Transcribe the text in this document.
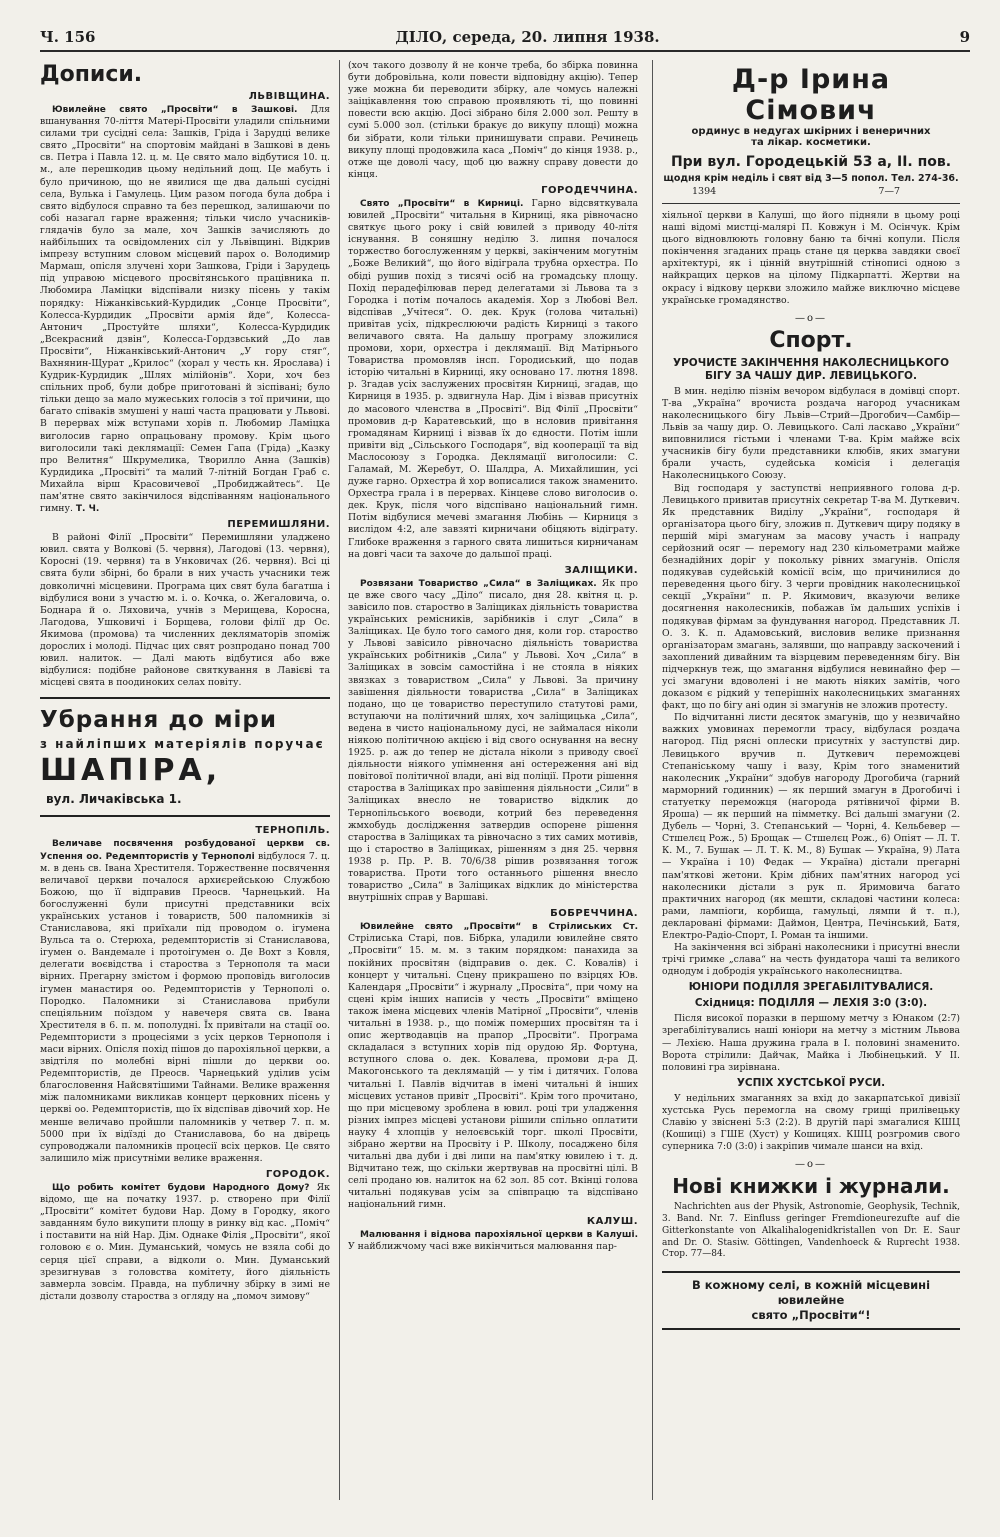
Ч. 156	ДІЛО, середа, 20. липня 1938.	9
Дописи.
ЛЬВІВЩИНА.

Ювилейне свято „Просвіти“ в Зашкові. Для вшанування 70-ліття Матері-Просвіти уладили спільними силами три сусідні села: Зашків, Гріда і Зарудці велике свято „Просвіти“ на спортовім майдані в Зашкові в день св. Петра і Павла 12. ц. м. Це свято мало відбутися 10. ц. м., але перешкодив цьому недільний дощ. Це мабуть і було причиною, що не явилися ще два дальші сусідні села, Вулька і Гамулець. Цим разом погода була добра і свято відбулося справно та без перешкод, залишаючи по собі назагал гарне враження; тільки число учасників-глядачів було за мале, хоч Зашків зачисляють до найбільших та освідомлених сіл у Львівщині. Відкрив імпрезу вступним словом місцевий парох о. Володимир Мармаш, опісля злучені хори Зашкова, Гріди і Зарудець під управою місцевого просвітянського працівника п. Любомира Ламіцки відспівали низку пісень у такім порядку: Ніжанківський-Курдидик „Сонце Просвіти“, Колесса-Курдидик „Просвіти армія йде“, Колесса-Антонич „Простуйте шляхи“, Колесса-Курдидик „Всекрасний дзвін“, Колесса-Гордзвський „До лав Просвіти“, Ніжанківський-Антонич „У гору стяг“, Вахнянин-Щурат „Крилос“ (хорал у честь кн. Ярослава) і Кудрик-Курдидик „Шлях мілійонів“. Хори, хоч без спільних проб, були добре приготовані й зіспівані; було тільки дещо за мало мужеських голосів з тої причини, що багато співаків змушені у наші часта працювати у Львові. В перервах між вступами хорів п. Любомир Ламіцка виголосив гарно опрацьовану промову. Крім цього виголосили такі деклямації: Семен Гапа (Гріда) „Казку про Велитня“ Шкрумелика, Творилло Анна (Зашків) Курдидика „Просвіті“ та малий 7-літній Богдан Граб с. Михайла вірш Красовичевої „Пробиджайтесь“. Це пам'ятне свято закінчилося відспіванням національного гимну. Т. Ч.

ПЕРЕМИШЛЯНИ.

В районі Філії „Просвіти“ Перемишляни уладжено ювил. свята у Волкові (5. червня), Лагодові (13. червня), Коросні (19. червня) та в Унковичах (26. червня). Всі ці свята були збірні, бо брали в них участь учасники теж довколичні місцевини. Програма цих свят була багатша і відбулися вони з участю м. і. о. Кочка, о. Жегаловича, о. Боднара й о. Ляховича, учнів з Мерищева, Коросна, Лагодова, Ушковичі і Борщева, голови філії др Ос. Якимова (промова) та численних декляматорів зпоміж дорослих і молоді. Підчас цих свят розпродано понад 700 ювил. налиток. — Далі мають відбутися або вже відбулися: подібне районове святкування в Лавієві та місцеві свята в поодиноких селах повіту.

Убрання до міри
з найліпших матеріялів поручає
ШАПІРА, вул. Личаківська 1.
ТЕРНОПІЛЬ.

Величаве посвячення розбудованої церкви св. Успення оо. Редемптористів у Тернополі відбулося 7. ц. м. в день св. Івана Хрестителя. Торжественне посвячення величавої церкви почалося архиєрейською Службою Божою, що її відправив Преосв. Чарнецький. На богослуженні були присутні представники всіх українських установ і товариств, 500 паломників зі Станиславова, які приїхали під проводом о. ігумена Вульса та о. Стерюха, редемптористів зі Станиславова, ігумен о. Вандемале і протоігумен о. Де Вохт з Ковля, делегати воєвідства і староства з Тернополя та маси вірних. Прегарну змістом і формою проповідь виголосив ігумен манастиря оо. Редемптористів у Тернополі о. Породко. Паломники зі Станиславова прибули спеціяльним поїздом у навечеря свята св. Івана Хрестителя в 6. п. м. пополудні. Їх привітали на стації оо. Редемптористи з процесіями з усіх церков Тернополя і маси вірних. Опісля похід пішов до парохіяльної церкви, а звідтіля по молебні вірні пішли до церкви оо. Редемптористів, де Преосв. Чарнецький уділив усім благословення Найсвятішими Тайнами. Велике враження між паломниками викликав концерт церковних пісень у церкві оо. Редемптористів, що їх відспівав дівочий хор. Не менше величаво пройшли паломників у четвер 7. п. м. 5000 при їх відїзді до Станиславова, бо на двірець супроводжали паломників процесії всіх церков. Це свято залишило між присутніми велике враження.

ГОРОДОК.

Що робить комітет будови Народного Дому? Як відомо, ще на початку 1937. р. створено при Філії „Просвіти“ комітет будови Нар. Дому в Городку, якого завданням було викупити площу в ринку від кас. „Поміч“ і поставити на ній Нар. Дім. Однаке Філія „Просвіти“, якої головою є о. Мин. Думанський, чомусь не взяла собі до серця цієї справи, а відколи о. Мин. Думанський зрезигнував з головства комітету, його діяльність завмерла зовсім. Правда, на публичну збірку в зимі не дістали дозволу староства з огляду на „помоч зимову“

(хоч такого дозволу й не конче треба, бо збірка повинна бути добровільна, коли повести відповідну акцію). Тепер уже можна би переводити збірку, але чомусь належні заіцікавлення тою справою проявляють ті, що повинні повести всю акцію. Досі зібрано біля 2.000 зол. Решту в сумі 5.000 зол. (стільки бракує до викупу площі) можна би зібрати, коли тільки принишувати справи. Речинець викупу площі продовжила каса „Поміч“ до кінця 1938. р., отже ще доволі часу, щоб цю важну справу довести до кінця.

ГОРОДЕЧЧИНА.

Свято „Просвіти“ в Кирниці. Гарно відсвяткувала ювилей „Просвіти“ читальня в Кирниці, яка рівночасно святкує цього року і свій ювилей з приводу 40-літя існування. В соняшну неділю 3. липня почалося торжество богослуженням у церкві, закінченим могутнім „Боже Великий“, що його відіграла трубна орхестра. По обіді рушив похід з тисячі осіб на громадську площу. Похід перадефілював перед делегатами зі Львова та з Городка і потім почалось академія. Хор з Любові Вел. відспівав „Учітеся“. О. дек. Крук (голова читальні) привітав усіх, підкреслюючи радість Кирниці з такого величавого свята. На дальшу програму зложилися промови, хори, орхестра і деклямації. Від Матірнього Товариства промовляв інсп. Городиський, що подав історію читальні в Кирниці, яку основано 17. лютня 1898. р. Згадав усіх заслужених просвітян Кирниці, згадав, що Кирниця в 1935. р. здвигнула Нар. Дім і візвав присутніх до масового членства в „Просвіті“. Від Філії „Просвіти“ промовив д-р Каратевський, що в нсловив привітання громадянам Кирниці і візвав їх до єдности. Потім ішли привіти від „Сільського Господаря“, від кооперації та від Маслосоюзу з Городка. Деклямації виголосили: С. Галамай, М. Жеребут, О. Шалдра, А. Михайлишин, усі дуже гарно. Орхестра й хор вописалися також знаменито. Орхестра грала і в перервах. Кінцеве слово виголосив о. дек. Крук, після чого відспівано національний гимн. Потім відбулися мечеві змагання Любінь — Кирниця з вислідом 4:2, але завзяті кирничани обіцяють відіграту. Глибоке враження з гарного свята лишиться кирничанам на довгі часи та захоче до дальшої праці.

ЗАЛІЩИКИ.

Розвязани Товариство „Сила“ в Заліщиках. Як про це вже свого часу „Діло“ писало, дня 28. квітня ц. р. завісило пов. староство в Заліщиках діяльність товариства українських ремісників, зарібників і слуг „Сила“ в Заліщиках. Це було того самого дня, коли гор. староство у Львові завісило рівночасно діяльність товариства українських робітників „Сила“ у Львові. Хоч „Сила“ в Заліщиках в зовсім самостійна і не стояла в ніяких звязках з товариством „Сила“ у Львові. За причину завішення діяльности товариства „Сила“ в Заліщиках подано, що це товариство переступило статутові рами, вступаючи на політичний шлях, хоч заліщицька „Сила“, ведена в чисто національному дусі, не займалася ніколи ніякою політичною акцією і від свого оснування на весну 1925. р. аж до тепер не дістала ніколи з приводу своєї діяльности ніякого упімнення ані остереження ані від повітової політичної влади, ані від поліції. Проти рішення староства в Заліщиках про завішення діяльности „Сили“ в Заліщиках внесло не товариство відклик до Тернопільського воєводи, котрий без переведення жмхобудь дослідження затвердив оспорене рішення староства в Заліщиках та рівночасно з тих самих мотивів, що і староство в Заліщиках, рішенням з дня 25. червня 1938 р. Пр. Р. В. 70/6/38 рішив розвязання тогож товариства. Проти того останнього рішення внесло товариство „Сила“ в Заліщиках відклик до міністерства внутрішніх справ у Варшаві.

БОБРЕЧЧИНА.

Ювилейне свято „Просвіти“ в Стрілиських Ст. Стрілиська Старі, пов. Бібрка, уладили ювилейне свято „Просвіти“ 15. м. м. з таким порядком: панахида за покійних просвітян (відправив о. дек. С. Ковалів) і концерт у читальні. Сцену прикрашено по взірцях Юв. Календаря „Просвіти“ і журналу „Просвіта“, при чому на сцені крім інших написів у честь „Просвіти“ вміщено також імена місцевих членів Матірної „Просвіти“, членів читальні в 1938. р., що поміж померших просвітян та і опис жертводавців на прапор „Просвіти“. Програма складалася з вступних хорів під орудою Яр. Фортуна, вступного слова о. дек. Ковалева, промови д-ра Д. Макогонського та деклямацій — у тім і дитячих. Голова читальні І. Павлів відчитав в імені читальні й інших місцевих установ привіт „Просвіті“. Крім того прочитано, що при місцевому зроблена в ювил. році три уладження різних імпрез місцеві установи рішили спільно оплатити науку 4 хлопців у нелоєвській торг. школі Просвіти, зібрано жертви на Просвіту і Р. Школу, посаджено біля читальні два дуби і дві липи на пам'ятку ювилею і т. д. Відчитано теж, що скільки жертвував на просвітні цілі. В селі продано юв. налиток на 62 зол. 85 сот. Вкінці голова читальні подякував усім за співпрацю та відспівано національний гимн.

КАЛУШ.

Малювання і віднова парохіяльної церкви в Калуші. У найближчому часі вже викінчиться малювання пар-

Д-р Ірина Сімович
ординус в недугах шкірних і венеричних
та лікар. косметики.
При вул. Городецькій 53 а, II. пов.
щодня крім неділь і свят від 3—5 попол. Тел. 274-36.
1394	7—7

хіяльної церкви в Калуші, що його підняли в цьому році наші відомі мистці-малярі П. Ковжун і М. Осінчук. Крім цього відновлюють головну баню та бічні копули. Після покінчення згаданих праць стане ця церква завдяки своєї архітектурі, як і цінній внутрішній стінописі одною з найкращих церков на цілому Підкарпатті. Жертви на окрасу і відкову церкви зложило майже виключно місцеве українське громадянство.

—о—
Спорт.
УРОЧИСТЕ ЗАКІНЧЕННЯ НАКОЛЕСНИЦЬКОГО БІГУ ЗА ЧАШУ ДИР. ЛЕВИЦЬКОГО.

В мин. неділю пізнім вечором відбулася в домівці спорт. Т-ва „Україна“ врочиста роздача нагород учасникам наколесницького бігу Львів—Стрий—Дрогобич—Самбір—Львів за чашу дир. О. Левицького. Салі ласкаво „України“ виповнилися гістьми і членами Т-ва. Крім майже всіх учасників бігу були представники клюбів, яких змагуни брали участь, судейська комісія і делегація Наколесницького Союзу.

Від господаря у заступстві неприявного голова д-р. Левицького привитав присутніх секретар Т-ва М. Дуткевич. Як представник Виділу „України“, господаря й організатора цього бігу, зложив п. Дуткевич щиру подяку в першій мірі змагунам за масову участь і напраду серйозний осяг — перемогу над 230 кільометрами майже безнадійних доріг у покольку рівних змагунів. Опісля подякував судейській комісії всім, що причинилися до переведення цього бігу. З черги провідник наколесницької секції „України“ п. Р. Якимович, вказуючи велике досягнення наколесників, побажав їм дальших успіхів і подякував фірмам за фундування нагород. Представник Л. О. З. К. п. Адамовський, висловив велике признання організаторам змагань, залявши, що направду заскочений і захоплений дивайним та візрцевим переведенням бігу. Він підчеркнув теж, що змагання відбулися невинайно фер — усі змагуни вдоволені і не мають ніяких замітів, чого доказом є рідкий у теперішніх наколесницьких змаганнях факт, що по бігу ані один зі змагунів не зложив протесту.

По відчитанні листи десяток змагунів, що у незвичайно важких умовинах перемогли трасу, відбулася роздача нагород. Під рясні оплески присутніх у заступстві дир. Левицького вручив п. Дуткевич переможцеві Степаніському чашу і вазу, Крім того знаменитий наколесник „України“ здобув нагороду Дрогобича (гарний марморний годинник) — як перший змагун в Дрогобичі і статуетку переможця (нагорода рятівничої фірми В. Яроша) — як перший на пімметку. Всі дальші змагуни (2. Дубель — Чорні, 3. Степанський — Чорні, 4. Кельбевер — Стшелєц Рож., 5) Брощак — Стшелєц Рож., 6) Опіят — Л. Т. К. М., 7. Бушак — Л. Т. К. М., 8) Бушак — Україна, 9) Лата — Україна і 10) Федак — Україна) дістали прегарні пам'яткові жетони. Крім дібних пам'ятних нагород усі наколесники дістали з рук п. Яримовича багато практичних нагород (як мешти, складові частини колеса: рами, лампіоги, корбища, гамульці, лямпи й т. п.), декларовані фірмами: Даймон, Центра, Печінський, Батя, Електро-Радіо-Спорт, І. Роман та іншими.

На закінчення всі зібрані наколесники і присутні внесли трічі гримке „слава“ на честь фундатора чаші та великого однодум і добродія українського наколесництва.

ЮНІОРИ ПОДІЛЛЯ ЗРЕГАБІЛІТУВАЛИСЯ.
Східниця: ПОДІЛЛЯ — ЛЕХІЯ 3:0 (3:0).

Після високої поразки в першому метчу з Юнаком (2:7) зрегабілітувались наші юніори на метчу з містним Львова — Лехією. Наша дружина грала в І. половині знаменито. Ворота стрілили: Дайчак, Майка і Любінецький. У II. половині гра зирівнана.

УСПІХ ХУСТСЬКОЇ РУСИ.

У недільних змаганнях за вхід до закарпатської дивізії хустська Русь перемогла на свому грищі прилівецьку Славію у звіснені 5:3 (2:2). В другій парі змагалися КШЦ (Кошиці) з ГШЕ (Хуст) у Кошицях. КШЦ розгромив свого суперника 7:0 (3:0) і закріпив чимале шанси на вхід.

—о—
Нові книжки і журнали.

Nachrichten aus der Physik, Astronomie, Geophysik, Technik, 3. Band. Nr. 7. Einfluss geringer Fremdioneurezufte auf die Gitterkonstante von Alkalihalogenidkristallen von Dr. E. Saur and Dr. O. Stasiw. Göttingen, Vandenhoeck & Ruprecht 1938. Стор. 77—84.

В кожному селі, в кожній місцевині ювилейне
свято „Просвіти“!
